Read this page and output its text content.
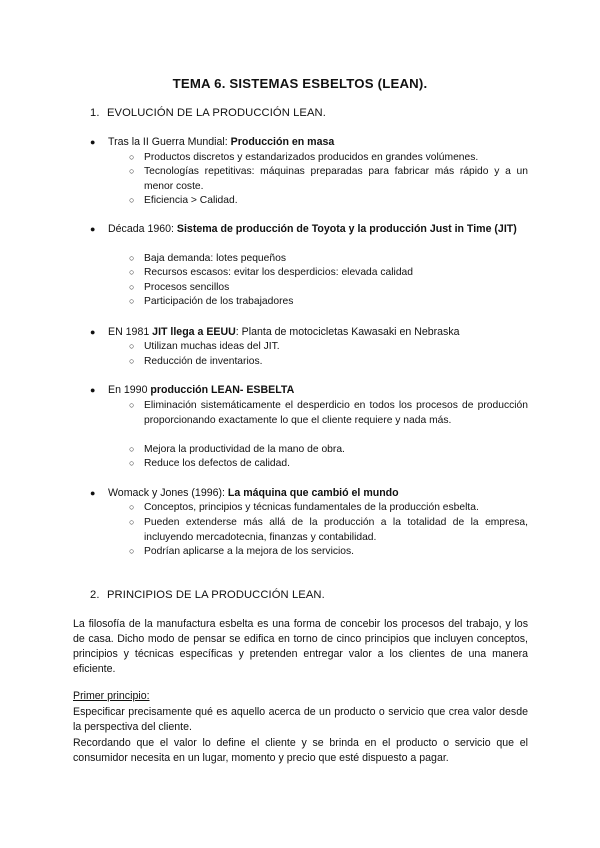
TEMA 6. SISTEMAS ESBELTOS (LEAN).
1. EVOLUCIÓN DE LA PRODUCCIÓN LEAN.
● Tras la II Guerra Mundial: Producción en masa
○ Productos discretos y estandarizados producidos en grandes volúmenes.
○ Tecnologías repetitivas: máquinas preparadas para fabricar más rápido y a un menor coste.
○ Eficiencia > Calidad.
● Década 1960: Sistema de producción de Toyota y la producción Just in Time (JIT)
○ Baja demanda: lotes pequeños
○ Recursos escasos: evitar los desperdicios: elevada calidad
○ Procesos sencillos
○ Participación de los trabajadores
● EN 1981 JIT llega a EEUU: Planta de motocicletas Kawasaki en Nebraska
○ Utilizan muchas ideas del JIT.
○ Reducción de inventarios.
● En 1990 producción LEAN- ESBELTA
○ Eliminación sistemáticamente el desperdicio en todos los procesos de producción proporcionando exactamente lo que el cliente requiere y nada más.
○ Mejora la productividad de la mano de obra.
○ Reduce los defectos de calidad.
● Womack y Jones (1996): La máquina que cambió el mundo
○ Conceptos, principios y técnicas fundamentales de la producción esbelta.
○ Pueden extenderse más allá de la producción a la totalidad de la empresa, incluyendo mercadotecnia, finanzas y contabilidad.
○ Podrían aplicarse a la mejora de los servicios.
2. PRINCIPIOS DE LA PRODUCCIÓN LEAN.
La filosofía de la manufactura esbelta es una forma de concebir los procesos del trabajo, y los de casa. Dicho modo de pensar se edifica en torno de cinco principios que incluyen conceptos, principios y técnicas específicas y pretenden entregar valor a los clientes de una manera eficiente.
Primer principio:
Especificar precisamente qué es aquello acerca de un producto o servicio que crea valor desde la perspectiva del cliente.
Recordando que el valor lo define el cliente y se brinda en el producto o servicio que el consumidor necesita en un lugar, momento y precio que esté dispuesto a pagar.
